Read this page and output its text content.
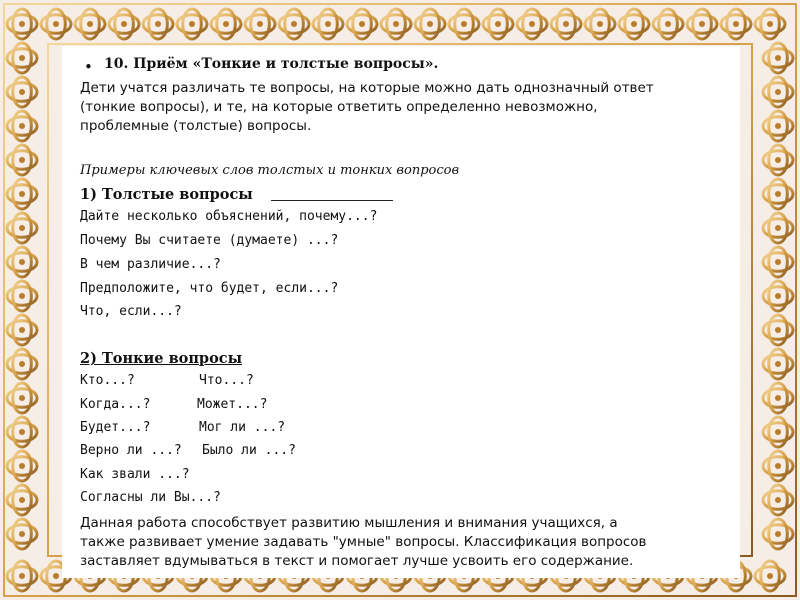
• 10. Приём «Тонкие и толстые вопросы».

Дети учатся различать те вопросы, на которые можно дать однозначный ответ

(тонкие вопросы), и те, на которые ответить определенно невозможно,

проблемные (толстые) вопросы.

Примеры ключевых слов толстых и тонких вопросов

1) Толстые вопросы

Дайте несколько объяснений, почему...?

Почему Вы считаете (думаете) ...?

В чем различие...?

Предположите, что будет, если...?

Что, если...?

2) Тонкие вопросы

Кто...?	Что...?

Когда...?	Может...?

Будет...?	Мог ли ...?

Верно ли ...? Было ли ...?

Как звали ...?

Согласны ли Вы...?

Данная работа способствует развитию мышления и внимания учащихся, а

также развивает умение задавать "умные" вопросы. Классификация вопросов

заставляет вдумываться в текст и помогает лучше усвоить его содержание.
